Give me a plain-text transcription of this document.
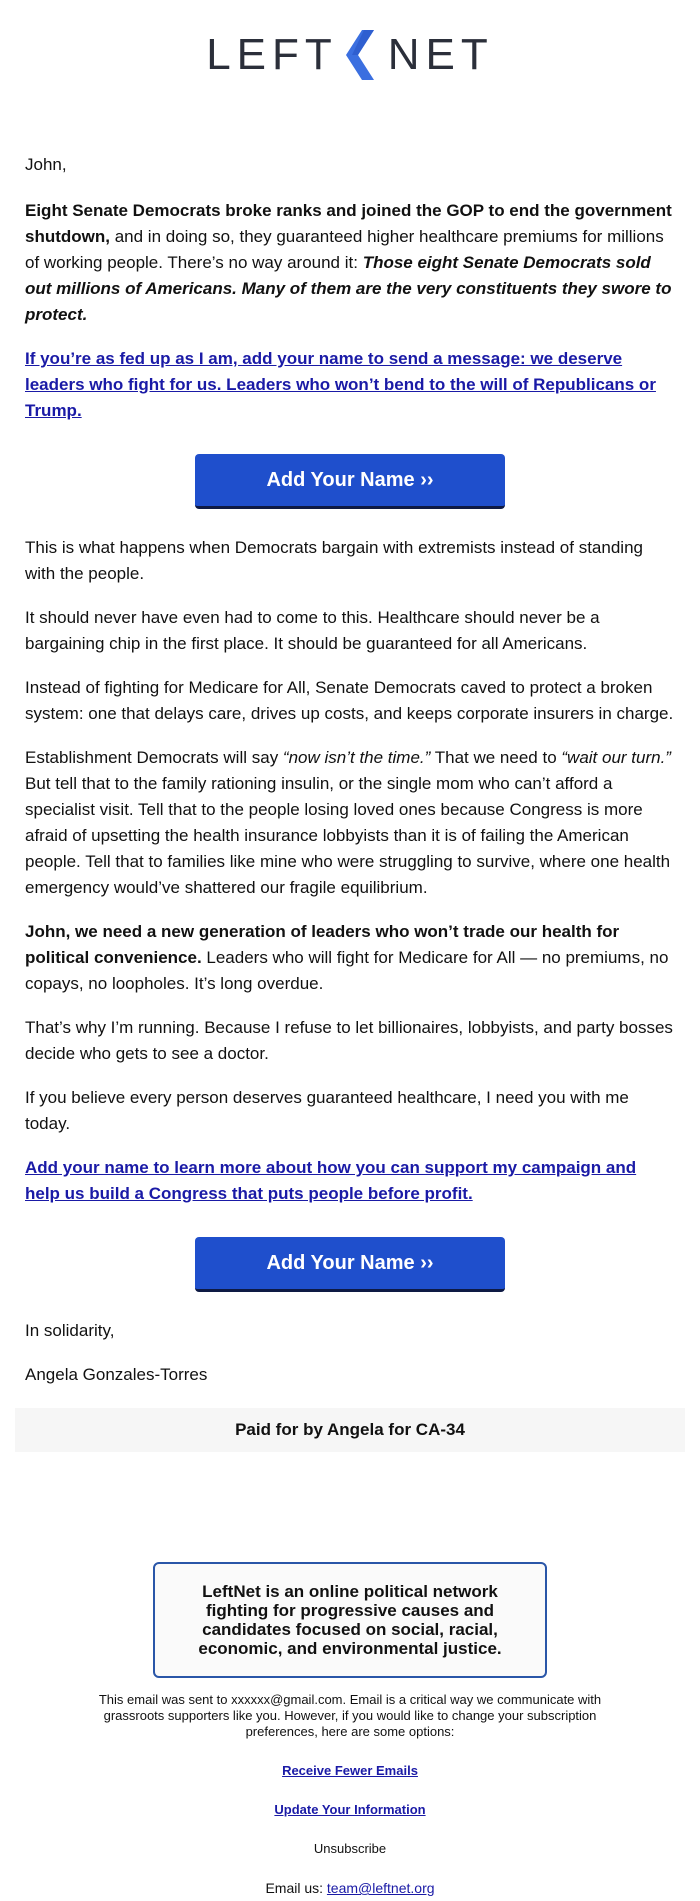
LEFT NET

John,

Eight Senate Democrats broke ranks and joined the GOP to end the government shutdown, and in doing so, they guaranteed higher healthcare premiums for millions of working people. There’s no way around it: Those eight Senate Democrats sold out millions of Americans. Many of them are the very constituents they swore to protect.

If you’re as fed up as I am, add your name to send a message: we deserve leaders who fight for us. Leaders who won’t bend to the will of Republicans or Trump.

Add Your Name ››

This is what happens when Democrats bargain with extremists instead of standing with the people.

It should never have even had to come to this. Healthcare should never be a bargaining chip in the first place. It should be guaranteed for all Americans.

Instead of fighting for Medicare for All, Senate Democrats caved to protect a broken system: one that delays care, drives up costs, and keeps corporate insurers in charge.

Establishment Democrats will say “now isn’t the time.” That we need to “wait our turn.” But tell that to the family rationing insulin, or the single mom who can’t afford a specialist visit. Tell that to the people losing loved ones because Congress is more afraid of upsetting the health insurance lobbyists than it is of failing the American people. Tell that to families like mine who were struggling to survive, where one health emergency would’ve shattered our fragile equilibrium.

John, we need a new generation of leaders who won’t trade our health for political convenience. Leaders who will fight for Medicare for All — no premiums, no copays, no loopholes. It’s long overdue.

That’s why I’m running. Because I refuse to let billionaires, lobbyists, and party bosses decide who gets to see a doctor.

If you believe every person deserves guaranteed healthcare, I need you with me today.

Add your name to learn more about how you can support my campaign and help us build a Congress that puts people before profit.

Add Your Name ››

In solidarity,

Angela Gonzales-Torres

Paid for by Angela for CA-34
LeftNet is an online political network fighting for progressive causes and candidates focused on social, racial, economic, and environmental justice.
This email was sent to xxxxxx@gmail.com. Email is a critical way we communicate with grassroots supporters like you. However, if you would like to change your subscription preferences, here are some options:

Receive Fewer Emails

Update Your Information

Unsubscribe

Email us: team@leftnet.org
